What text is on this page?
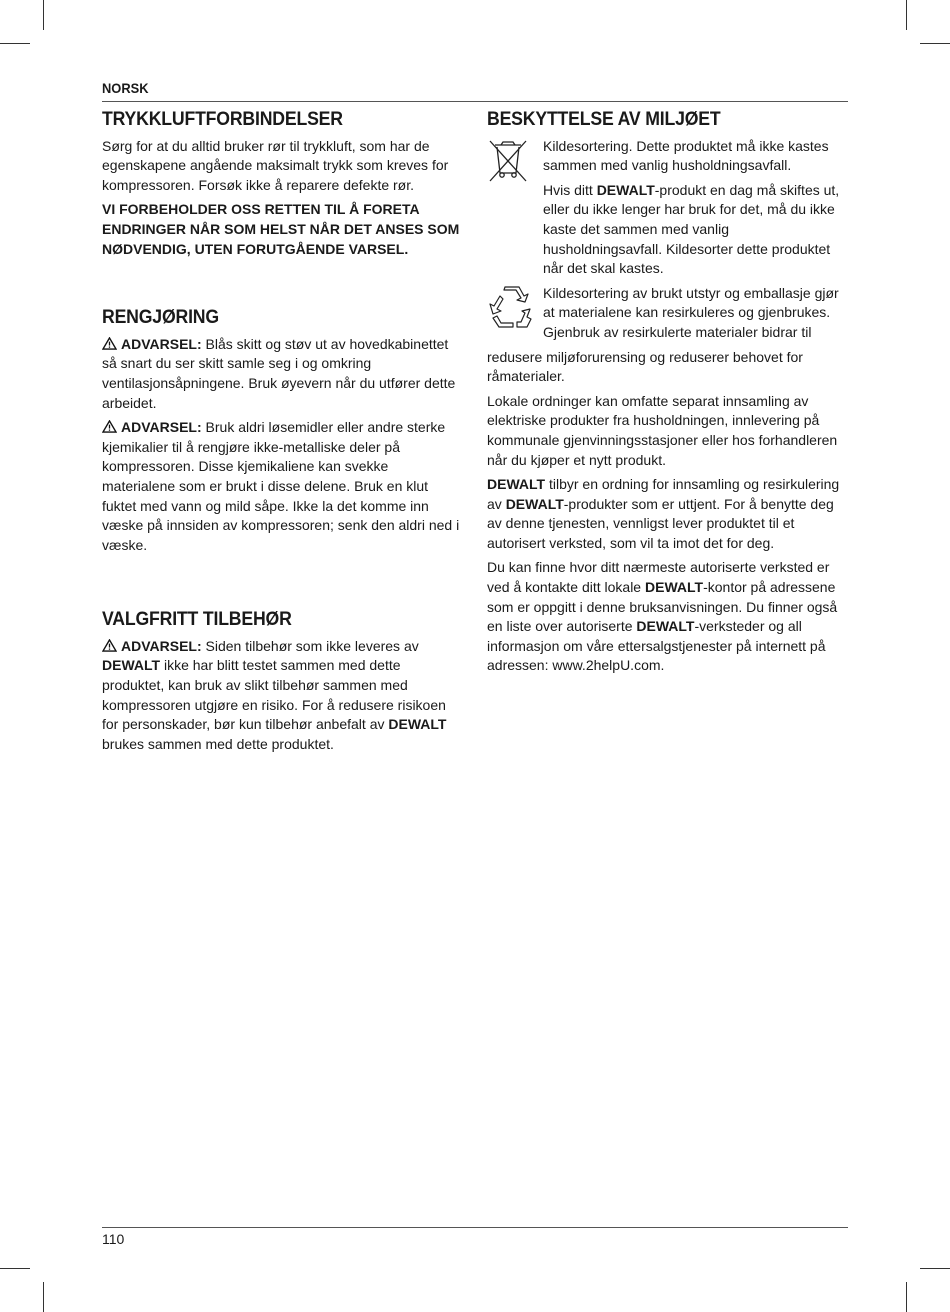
NORSK
TRYKKLUFTFORBINDELSER

Sørg for at du alltid bruker rør til trykkluft, som har de egenskapene angående maksimalt trykk som kreves for kompressoren. Forsøk ikke å reparere defekte rør.

VI FORBEHOLDER OSS RETTEN TIL Å FORETA ENDRINGER NÅR SOM HELST NÅR DET ANSES SOM NØDVENDIG, UTEN FORUTGÅENDE VARSEL.

RENGJØRING

ADVARSEL: Blås skitt og støv ut av hovedkabinettet så snart du ser skitt samle seg i og omkring ventilasjonsåpningene. Bruk øyevern når du utfører dette arbeidet.

ADVARSEL: Bruk aldri løsemidler eller andre sterke kjemikalier til å rengjøre ikke-metalliske deler på kompressoren. Disse kjemikaliene kan svekke materialene som er brukt i disse delene. Bruk en klut fuktet med vann og mild såpe. Ikke la det komme inn væske på innsiden av kompressoren; senk den aldri ned i væske.

VALGFRITT TILBEHØR

ADVARSEL: Siden tilbehør som ikke leveres av DEWALT ikke har blitt testet sammen med dette produktet, kan bruk av slikt tilbehør sammen med kompressoren utgjøre en risiko. For å redusere risikoen for personskader, bør kun tilbehør anbefalt av DEWALT brukes sammen med dette produktet.

BESKYTTELSE AV MILJØET

Kildesortering. Dette produktet må ikke kastes sammen med vanlig husholdningsavfall.

Hvis ditt DEWALT-produkt en dag må skiftes ut, eller du ikke lenger har bruk for det, må du ikke kaste det sammen med vanlig husholdningsavfall. Kildesorter dette produktet når det skal kastes.

Kildesortering av brukt utstyr og emballasje gjør at materialene kan resirkuleres og gjenbrukes. Gjenbruk av resirkulerte materialer bidrar til

redusere miljøforurensing og reduserer behovet for råmaterialer.

Lokale ordninger kan omfatte separat innsamling av elektriske produkter fra husholdningen, innlevering på kommunale gjenvinningsstasjoner eller hos forhandleren når du kjøper et nytt produkt.

DEWALT tilbyr en ordning for innsamling og resirkulering av DEWALT-produkter som er uttjent. For å benytte deg av denne tjenesten, vennligst lever produktet til et autorisert verksted, som vil ta imot det for deg.

Du kan finne hvor ditt nærmeste autoriserte verksted er ved å kontakte ditt lokale DEWALT-kontor på adressene som er oppgitt i denne bruksanvisningen. Du finner også en liste over autoriserte DEWALT-verksteder og all informasjon om våre ettersalgstjenester på internett på adressen: www.2helpU.com.

110
